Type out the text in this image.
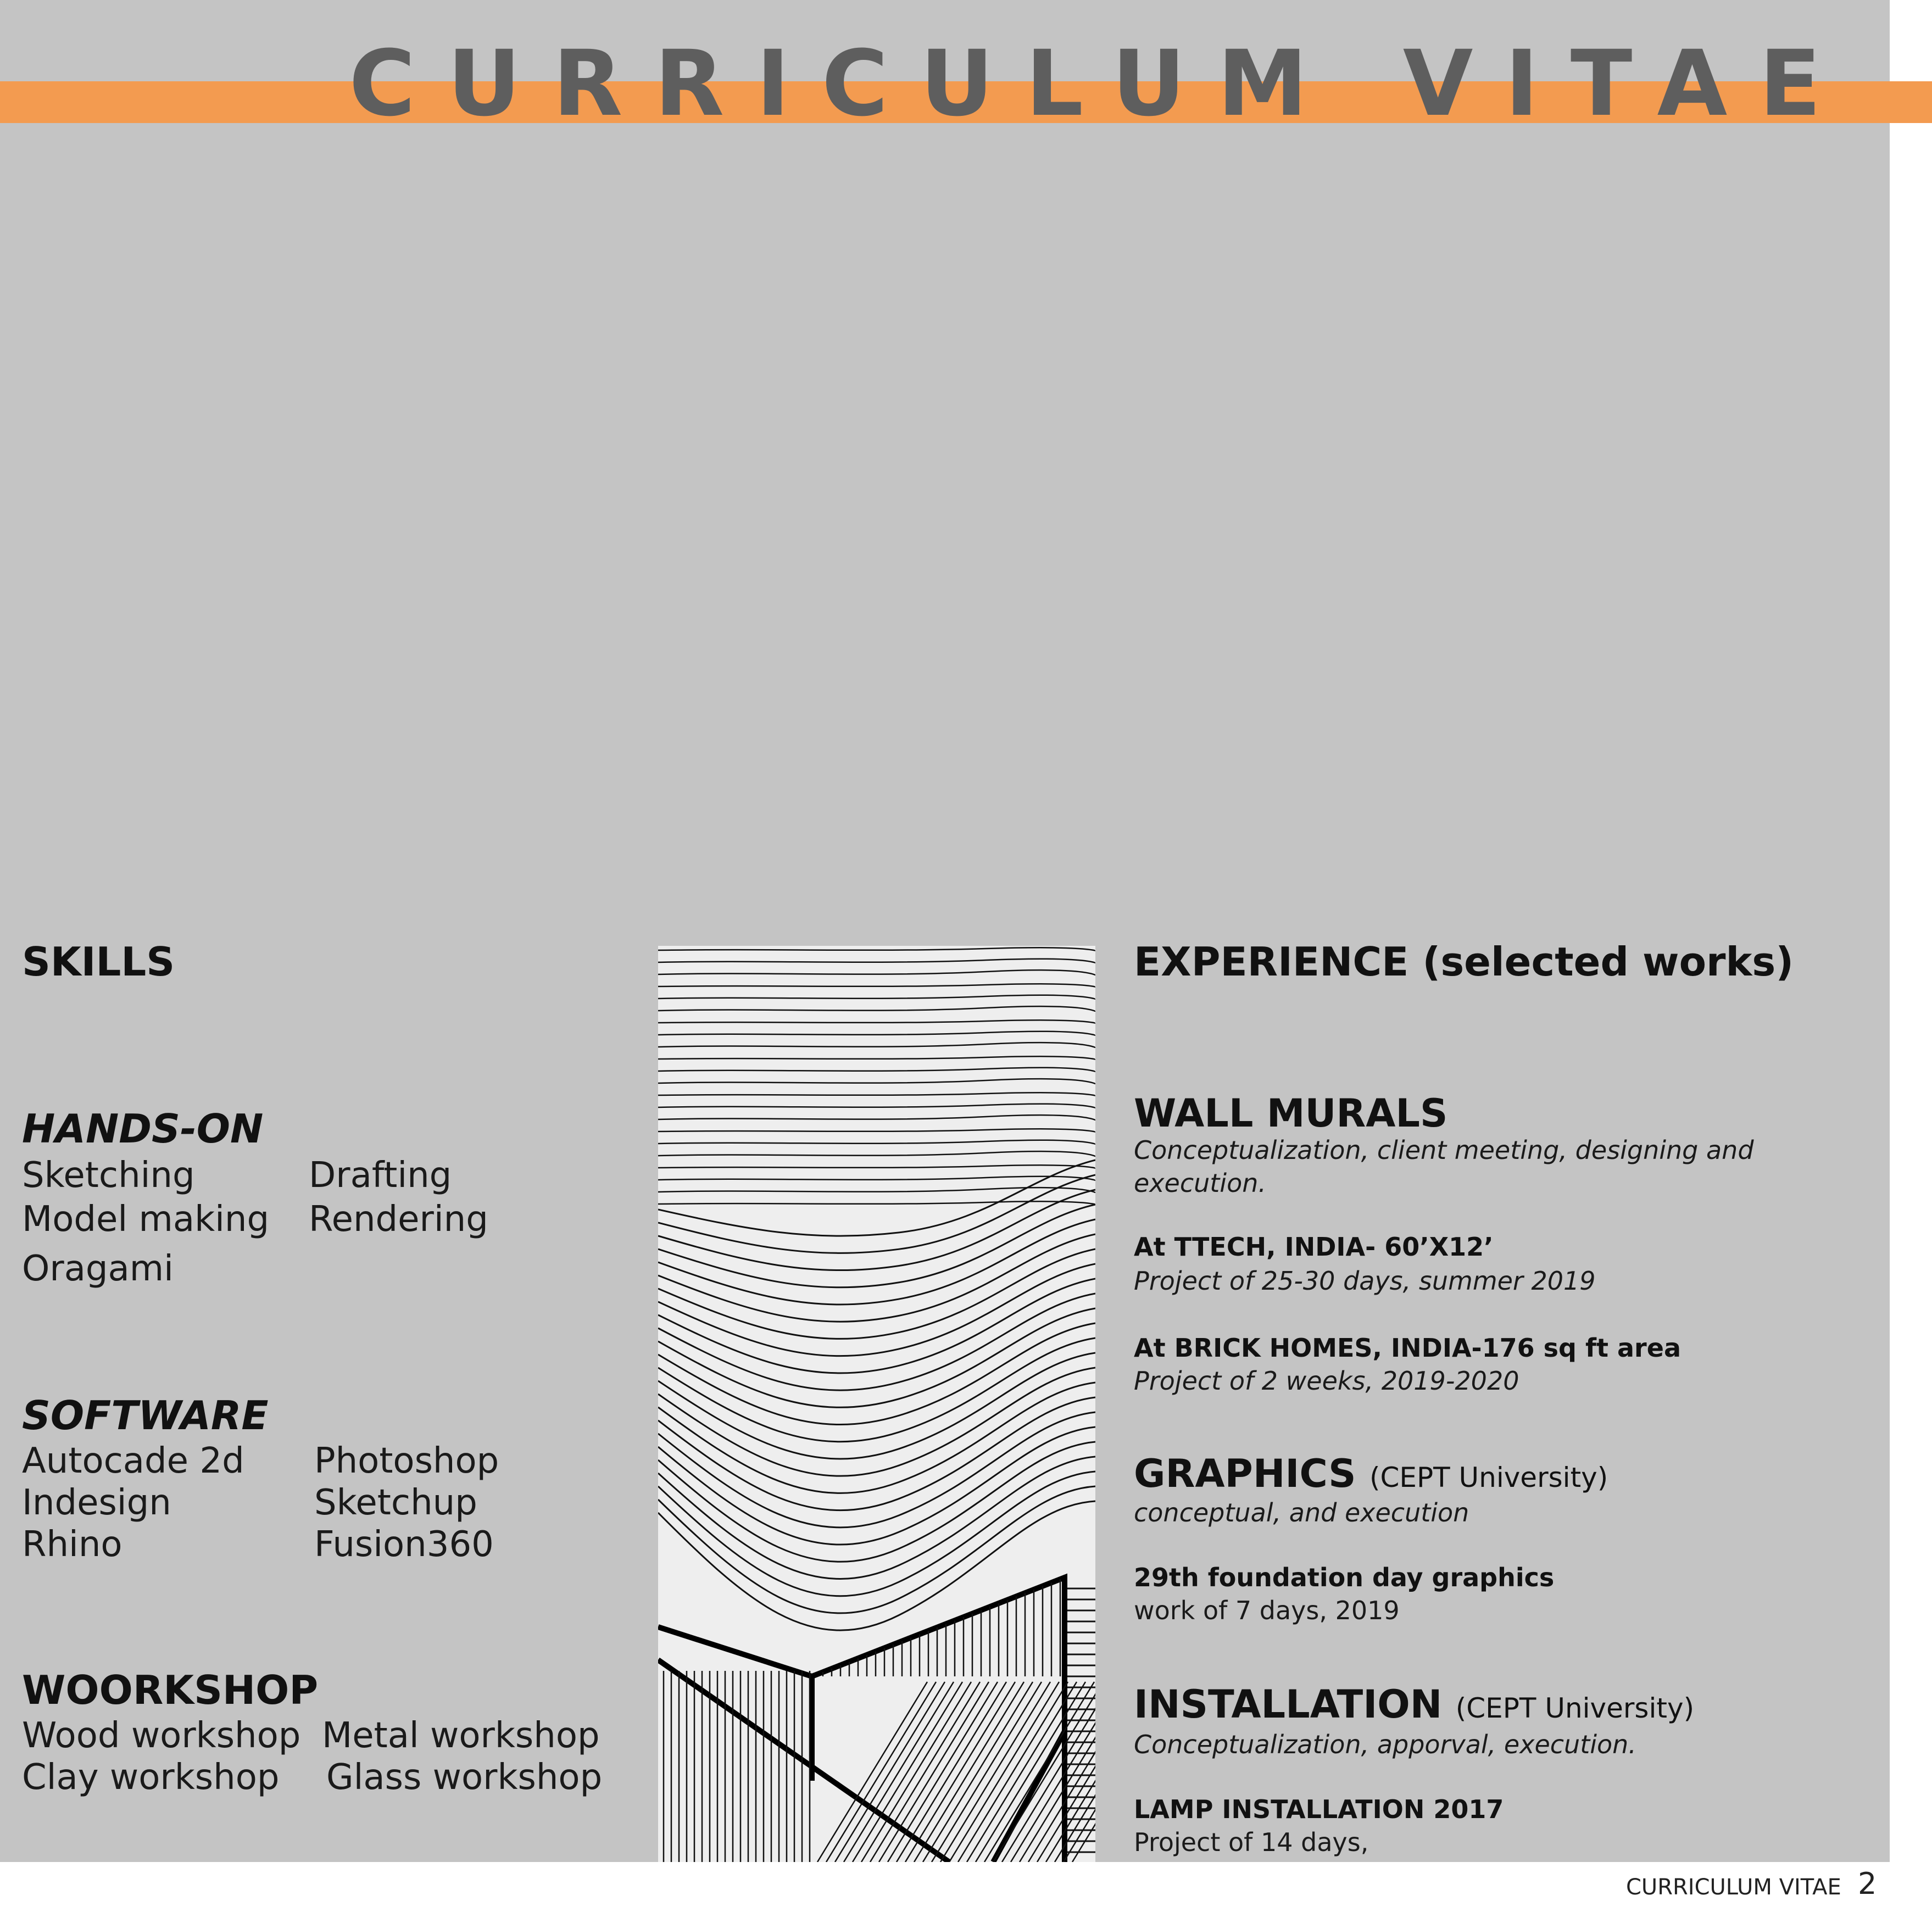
CURRICULUM VITAE
SKILLS
HANDS-ON
Sketching
Model making
Oragami
Drafting
Rendering
SOFTWARE
Autocade 2d
Indesign
Rhino
Photoshop
Sketchup
Fusion360
WOORKSHOP
Wood workshop
Clay workshop
Metal workshop
Glass workshop
EXPERIENCE (selected works)
WALL MURALS
Conceptualization, client meeting, designing and
execution.
At TTECH, INDIA- 60’X12’
Project of 25-30 days, summer 2019
At BRICK HOMES, INDIA-176 sq ft area
Project of 2 weeks, 2019-2020
GRAPHICS (CEPT University)
conceptual, and execution
29th foundation day graphics
work of 7 days, 2019
INSTALLATION (CEPT University)
Conceptualization, apporval, execution.
LAMP INSTALLATION 2017
Project of 14 days,
CURRICULUM VITAE 2
